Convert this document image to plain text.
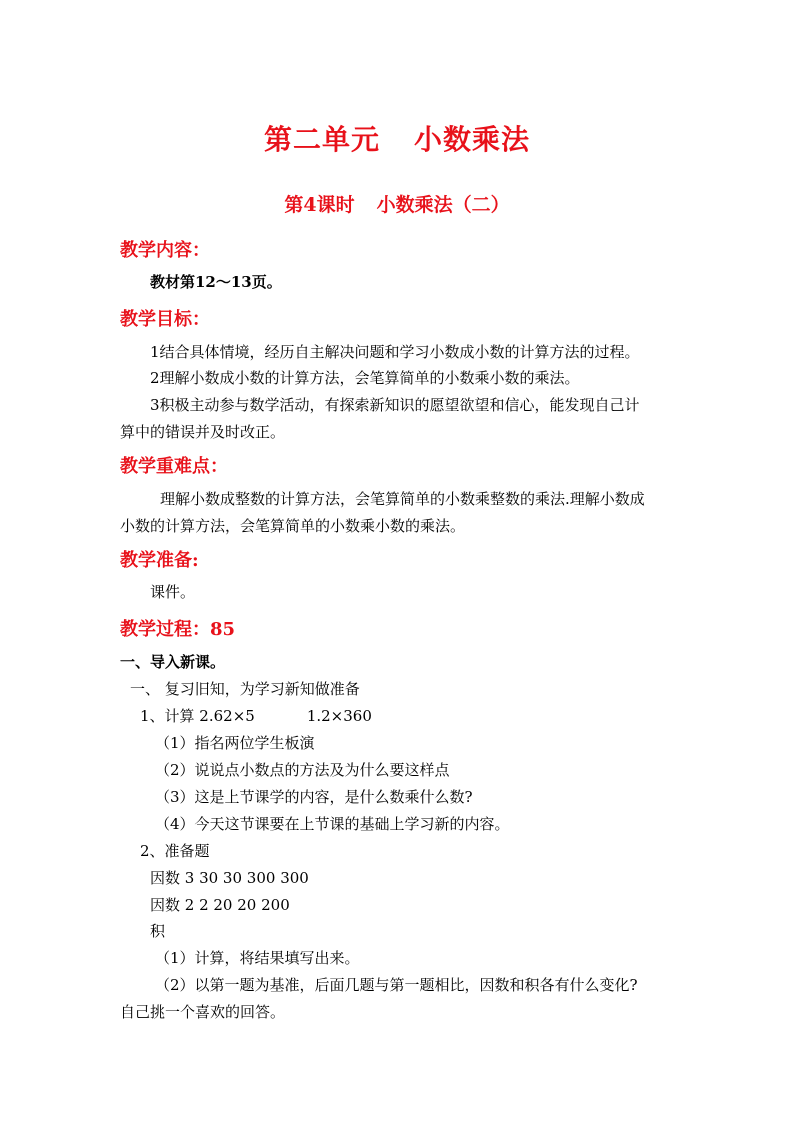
第二单元 小数乘法
第4课时 小数乘法（二）
教学内容：
教材第12～13页。
教学目标：
1结合具体情境，经历自主解决问题和学习小数成小数的计算方法的过程。
2理解小数成小数的计算方法，会笔算简单的小数乘小数的乘法。
3积极主动参与数学活动，有探索新知识的愿望欲望和信心，能发现自己计
算中的错误并及时改正。
教学重难点：
理解小数成整数的计算方法，会笔算简单的小数乘整数的乘法.理解小数成
小数的计算方法，会笔算简单的小数乘小数的乘法。
教学准备:
课件。
教学过程：85
一、导入新课。
一、 复习旧知，为学习新知做准备
1、计算 2.62×5	1.2×360
（1）指名两位学生板演
（2）说说点小数点的方法及为什么要这样点
（3）这是上节课学的内容，是什么数乘什么数?
（4）今天这节课要在上节课的基础上学习新的内容。
2、准备题
因数 3 30 30 300 300
因数 2 2 20 20 200
积
（1）计算，将结果填写出来。
（2）以第一题为基准，后面几题与第一题相比，因数和积各有什么变化?
自己挑一个喜欢的回答。
